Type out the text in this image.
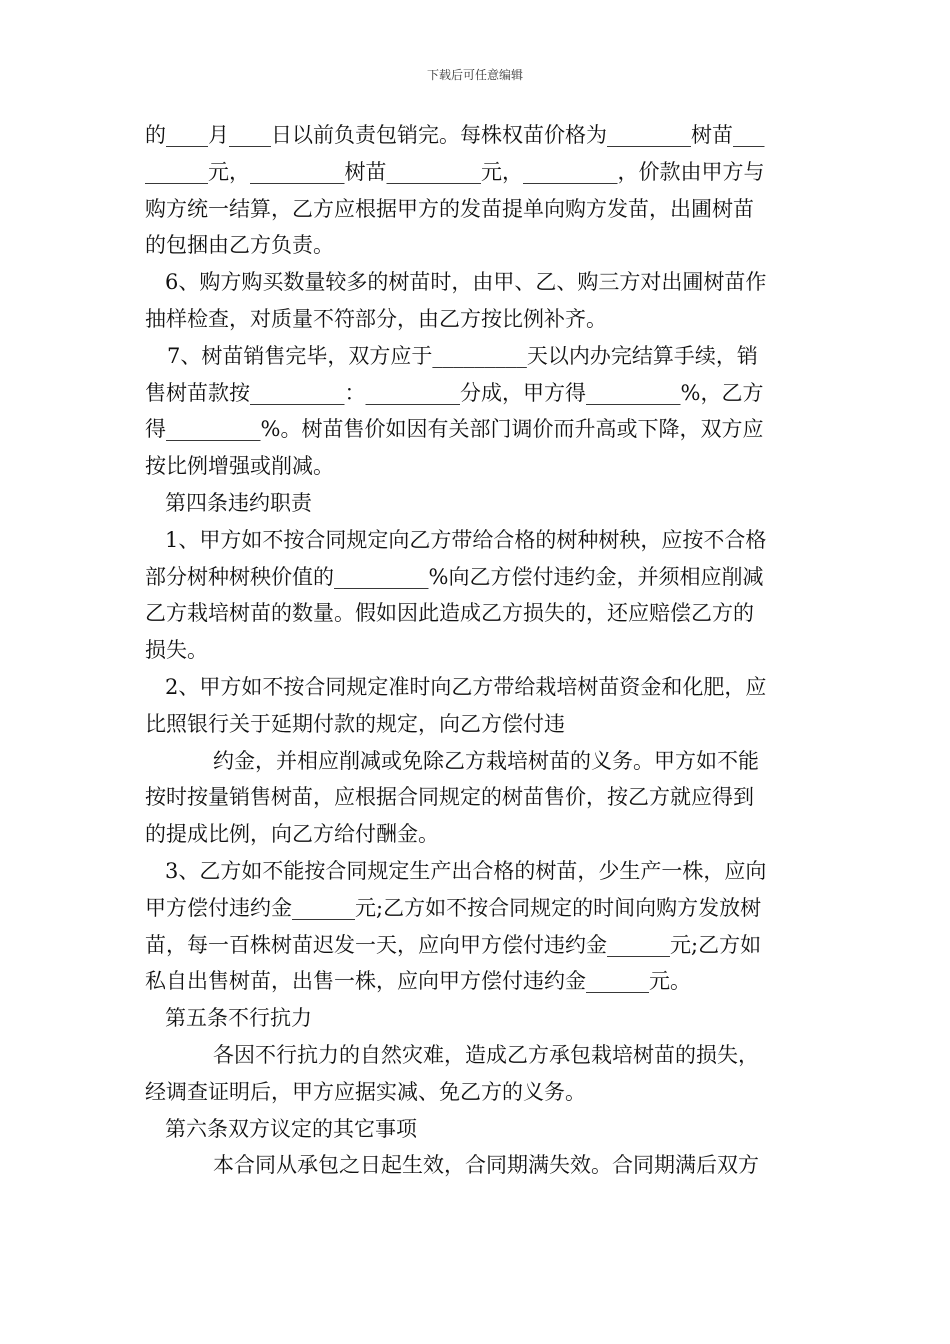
下载后可任意编辑
的____月____日以前负责包销完。每株权苗价格为________树苗___
______元，_________树苗_________元，_________，价款由甲方与
购方统一结算，乙方应根据甲方的发苗提单向购方发苗，出圃树苗
的包捆由乙方负责。
6、购方购买数量较多的树苗时，由甲、乙、购三方对出圃树苗作
抽样检查，对质量不符部分，由乙方按比例补齐。
7、树苗销售完毕，双方应于_________天以内办完结算手续，销
售树苗款按_________：_________分成，甲方得_________%，乙方
得_________%。树苗售价如因有关部门调价而升高或下降，双方应
按比例增强或削减。
第四条违约职责
1、甲方如不按合同规定向乙方带给合格的树种树秧，应按不合格
部分树种树秧价值的_________%向乙方偿付违约金，并须相应削减
乙方栽培树苗的数量。假如因此造成乙方损失的，还应赔偿乙方的
损失。
2、甲方如不按合同规定准时向乙方带给栽培树苗资金和化肥，应
比照银行关于延期付款的规定，向乙方偿付违
约金，并相应削减或免除乙方栽培树苗的义务。甲方如不能
按时按量销售树苗，应根据合同规定的树苗售价，按乙方就应得到
的提成比例，向乙方给付酬金。
3、乙方如不能按合同规定生产出合格的树苗，少生产一株，应向
甲方偿付违约金______元;乙方如不按合同规定的时间向购方发放树
苗，每一百株树苗迟发一天，应向甲方偿付违约金______元;乙方如
私自出售树苗，出售一株，应向甲方偿付违约金______元。
第五条不行抗力
各因不行抗力的自然灾难，造成乙方承包栽培树苗的损失，
经调查证明后，甲方应据实减、免乙方的义务。
第六条双方议定的其它事项
本合同从承包之日起生效，合同期满失效。合同期满后双方
